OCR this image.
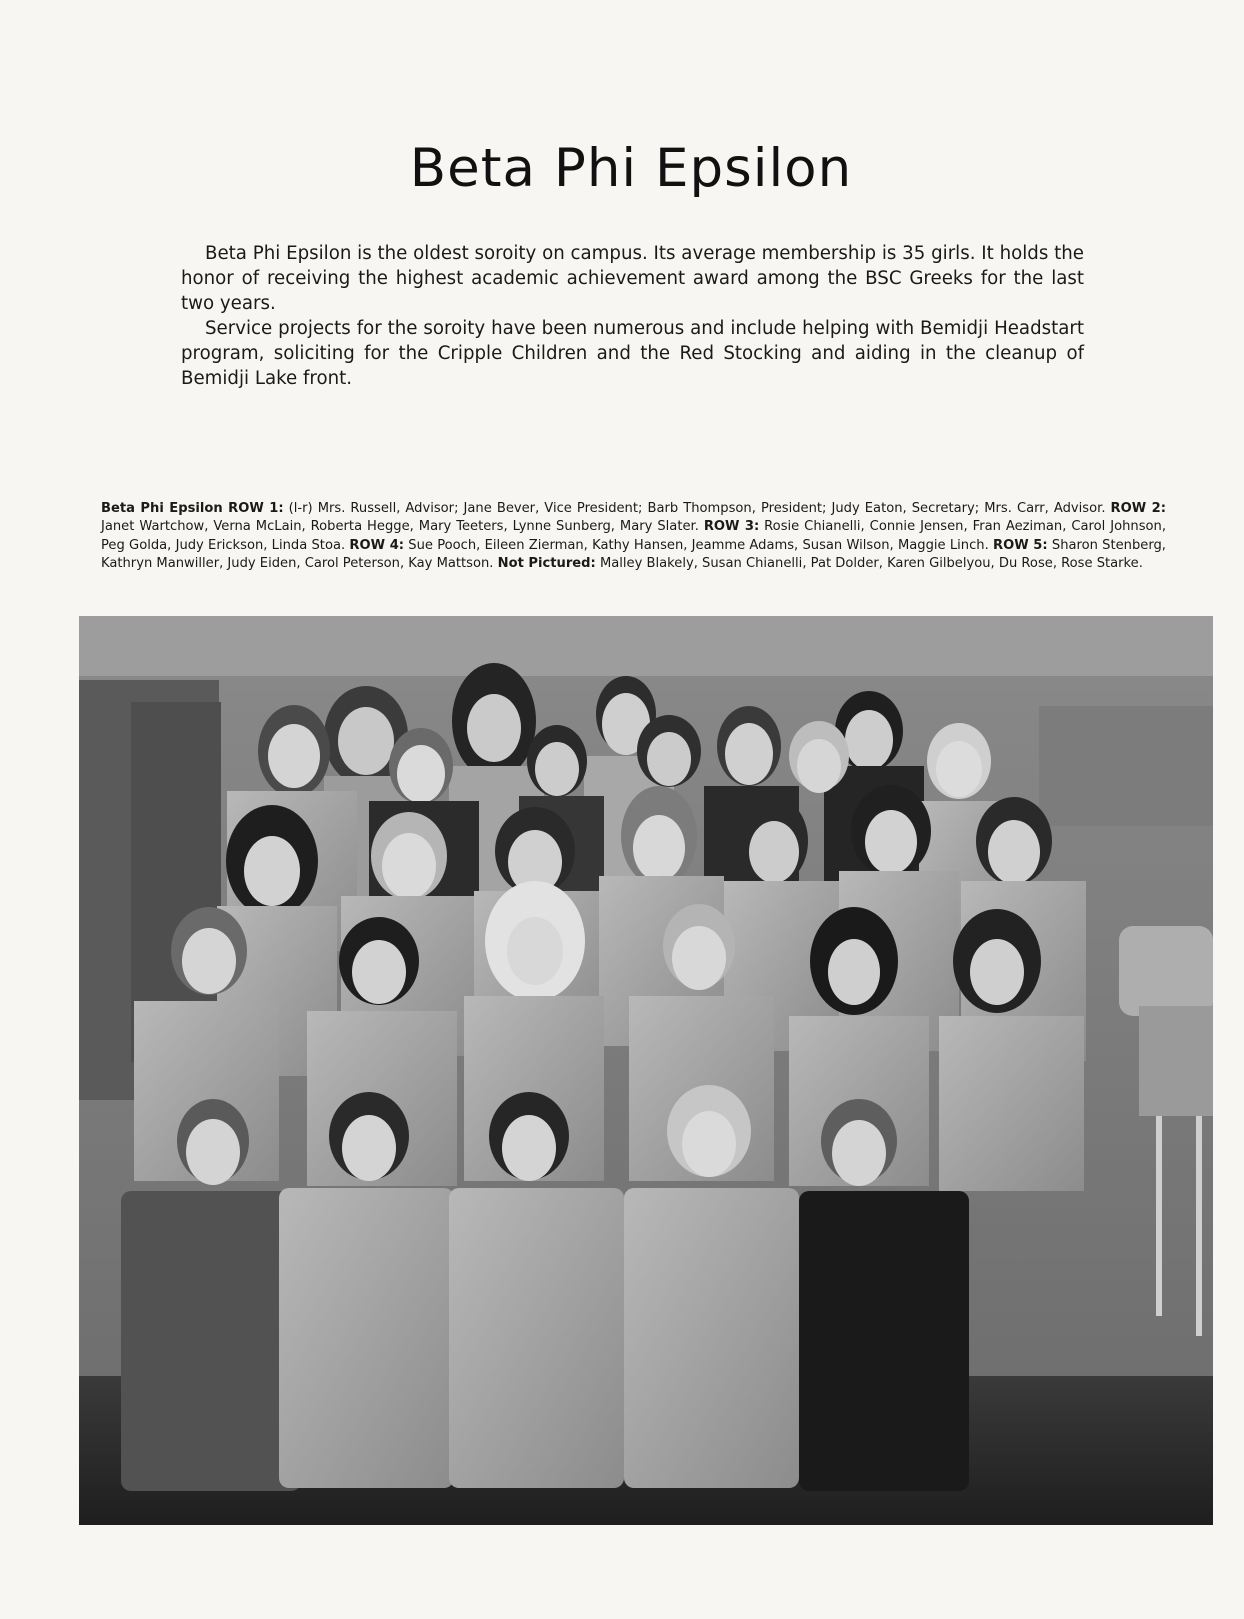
Beta Phi Epsilon

Beta Phi Epsilon is the oldest soroity on campus. Its average membership is 35 girls. It holds the honor of receiving the highest academic achievement award among the BSC Greeks for the last two years.

Service projects for the soroity have been numerous and include helping with Bemidji Headstart program, soliciting for the Cripple Children and the Red Stocking and aiding in the cleanup of Bemidji Lake front.

Beta Phi Epsilon ROW 1: (l-r) Mrs. Russell, Advisor; Jane Bever, Vice President; Barb Thompson, President; Judy Eaton, Secretary; Mrs. Carr, Advisor. ROW 2: Janet Wartchow, Verna McLain, Roberta Hegge, Mary Teeters, Lynne Sunberg, Mary Slater. ROW 3: Rosie Chianelli, Connie Jensen, Fran Aeziman, Carol Johnson, Peg Golda, Judy Erickson, Linda Stoa. ROW 4: Sue Pooch, Eileen Zierman, Kathy Hansen, Jeamme Adams, Susan Wilson, Maggie Linch. ROW 5: Sharon Stenberg, Kathryn Manwiller, Judy Eiden, Carol Peterson, Kay Mattson. Not Pictured: Malley Blakely, Susan Chianelli, Pat Dolder, Karen Gilbelyou, Du Rose, Rose Starke.
